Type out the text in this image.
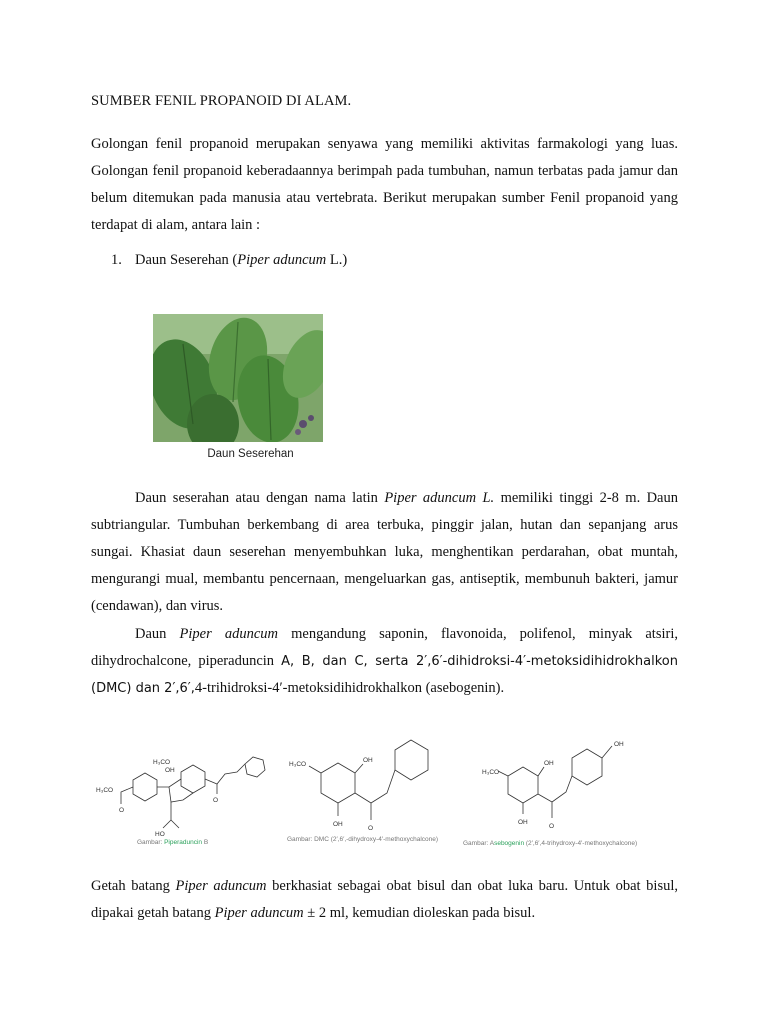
SUMBER FENIL PROPANOID DI ALAM.
Golongan fenil propanoid merupakan senyawa yang memiliki aktivitas farmakologi yang luas. Golongan fenil propanoid keberadaannya berimpah pada tumbuhan, namun terbatas pada jamur dan belum ditemukan pada manusia atau vertebrata. Berikut merupakan sumber Fenil propanoid yang terdapat di alam, antara lain :
1. Daun Seserehan (Piper aduncum L.)
Daun Seserehan
Daun seserahan atau dengan nama latin Piper aduncum L. memiliki tinggi 2-8 m. Daun subtriangular. Tumbuhan berkembang di area terbuka, pinggir jalan, hutan dan sepanjang arus sungai. Khasiat daun seserehan menyembuhkan luka, menghentikan perdarahan, obat muntah, mengurangi mual, membantu pencernaan, mengeluarkan gas, antiseptik, membunuh bakteri, jamur (cendawan), dan virus.
Daun Piper aduncum mengandung saponin, flavonoida, polifenol, minyak atsiri, dihydrochalcone, piperaduncin A, B, dan C, serta 2′,6′-dihidroksi-4′-metoksidihidrokhalkon (DMC) dan 2′,6′,4-trihidroksi-4′-metoksidihidrokhalkon (asebogenin).
H₃CO
OH
H₃CO
O
HO
O
Gambar: Piperaduncin B
H₃CO
OH
OH
O
Gambar: DMC (2′,6′,-dihydroxy-4′-methoxychalcone)
OH
H₃CO
OH
OH
O
Gambar: Asebogenin (2′,6′,4-trihydroxy-4′-methoxychalcone)
Getah batang Piper aduncum berkhasiat sebagai obat bisul dan obat luka baru. Untuk obat bisul, dipakai getah batang Piper aduncum ± 2 ml, kemudian dioleskan pada bisul.
